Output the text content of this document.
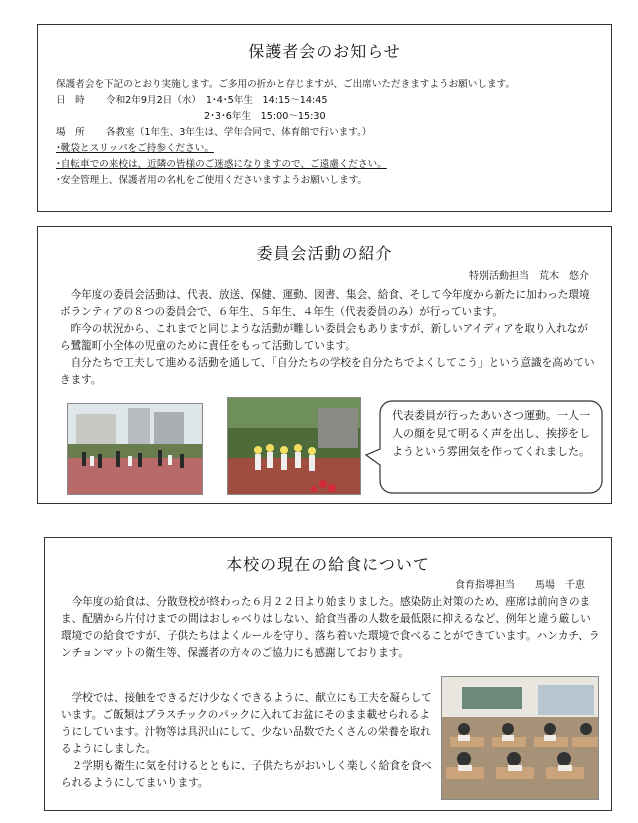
保護者会のお知らせ
保護者会を下記のとおり実施します。ご多用の折かと存じますが、ご出席いただきますようお願いします。
日　時 令和2年9月2日（水）　1･4･5年生　14:15～14:45
2･3･6年生　15:00～15:30
場　所 各教室（1年生、3年生は、学年合同で、体育館で行います。）
･靴袋とスリッパをご持参ください。
･自転車での来校は、近隣の皆様のご迷惑になりますので、ご遠慮ください。
･安全管理上、保護者用の名札をご使用くださいますようお願いします。
委員会活動の紹介
特別活動担当　荒木　悠介

今年度の委員会活動は、代表、放送、保健、運動、図書、集会、給食、そして今年度から新たに加わった環境ボランティアの８つの委員会で、６年生、５年生、４年生（代表委員のみ）が行っています。

昨今の状況から、これまでと同じような活動が難しい委員会もありますが、新しいアイディアを取り入れながら鷺籠町小全体の児童のために責任をもって活動しています。

自分たちで工夫して進める活動を通して、「自分たちの学校を自分たちでよくしてこう」という意識を高めていきます。

代表委員が行ったあいさつ運動。一人一人の顔を見て明るく声を出し、挨拶をしようという雰囲気を作ってくれました。
本校の現在の給食について
食育指導担当　　馬場　千恵

今年度の給食は、分散登校が終わった６月２２日より始まりました。感染防止対策のため、座席は前向きのまま、配膳から片付けまでの間はおしゃべりはしない、給食当番の人数を最低限に抑えるなど、例年と違う厳しい環境での給食ですが、子供たちはよくルールを守り、落ち着いた環境で食べることができています。ハンカチ、ランチョンマットの衛生等、保護者の方々のご協力にも感謝しております。

学校では、接触をできるだけ少なくできるように、献立にも工夫を凝らしています。ご飯類はプラスチックのパックに入れてお盆にそのまま載せられるようにしています。汁物等は具沢山にして、少ない品数でたくさんの栄養を取れるようにしました。

２学期も衛生に気を付けるとともに、子供たちがおいしく楽しく給食を食べられるようにしてまいります。
